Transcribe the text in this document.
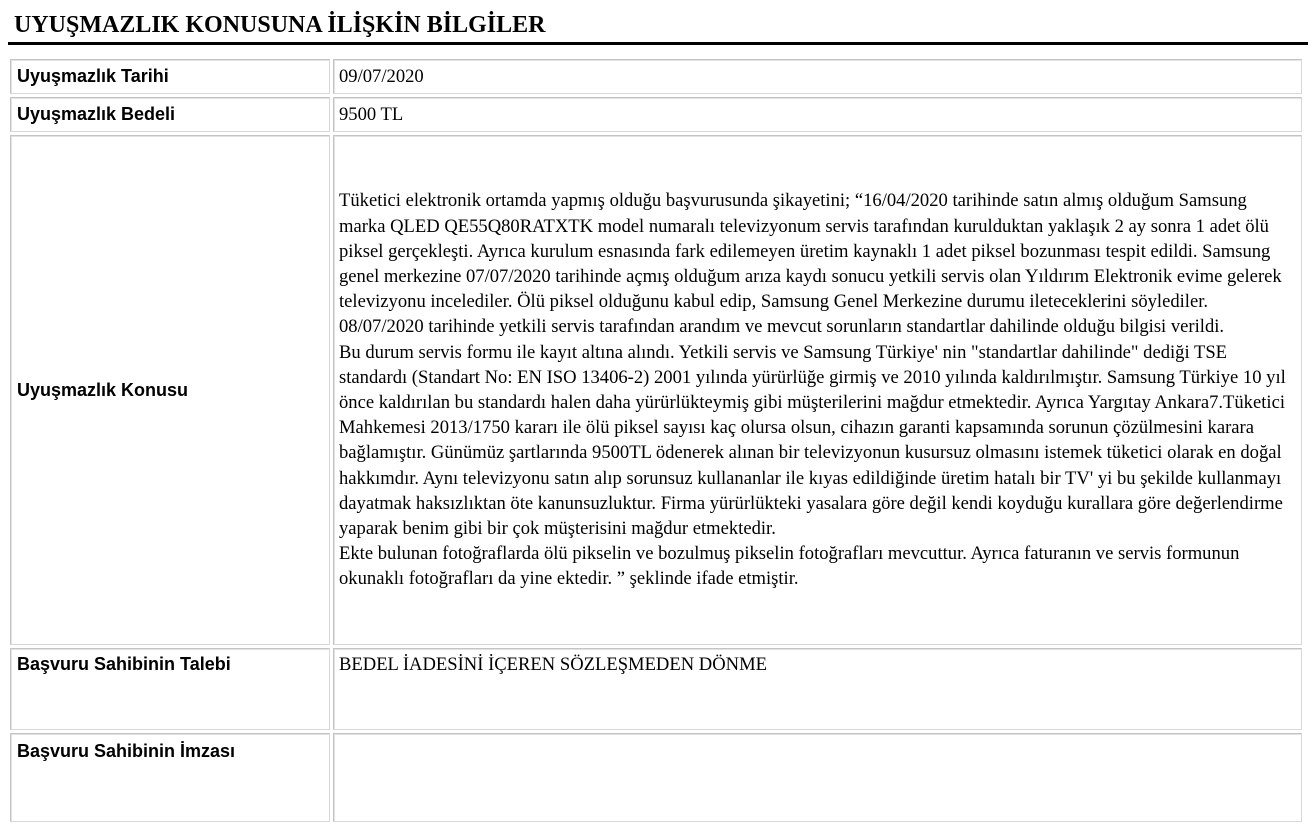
UYUŞMAZLIK KONUSUNA İLİŞKİN BİLGİLER
Uyuşmazlık Tarihi	09/07/2020
Uyuşmazlık Bedeli	9500 TL
Uyuşmazlık Konusu	Tüketici elektronik ortamda yapmış olduğu başvurusunda şikayetini; “16/04/2020 tarihinde satın almış olduğum Samsung marka QLED QE55Q80RATXTK model numaralı televizyonum servis tarafından kurulduktan yaklaşık 2 ay sonra 1 adet ölü piksel gerçekleşti. Ayrıca kurulum esnasında fark edilemeyen üretim kaynaklı 1 adet piksel bozunması tespit edildi. Samsung genel merkezine 07/07/2020 tarihinde açmış olduğum arıza kaydı sonucu yetkili servis olan Yıldırım Elektronik evime gelerek televizyonu incelediler. Ölü piksel olduğunu kabul edip, Samsung Genel Merkezine durumu ileteceklerini söylediler. 08/07/2020 tarihinde yetkili servis tarafından arandım ve mevcut sorunların standartlar dahilinde olduğu bilgisi verildi.

Bu durum servis formu ile kayıt altına alındı. Yetkili servis ve Samsung Türkiye' nin "standartlar dahilinde" dediği TSE standardı (Standart No: EN ISO 13406-2) 2001 yılında yürürlüğe girmiş ve 2010 yılında kaldırılmıştır. Samsung Türkiye 10 yıl önce kaldırılan bu standardı halen daha yürürlükteymiş gibi müşterilerini mağdur etmektedir. Ayrıca Yargıtay Ankara7.Tüketici Mahkemesi 2013/1750 kararı ile ölü piksel sayısı kaç olursa olsun, cihazın garanti kapsamında sorunun çözülmesini karara bağlamıştır. Günümüz şartlarında 9500TL ödenerek alınan bir televizyonun kusursuz olmasını istemek tüketici olarak en doğal hakkımdır. Aynı televizyonu satın alıp sorunsuz kullananlar ile kıyas edildiğinde üretim hatalı bir TV' yi bu şekilde kullanmayı dayatmak haksızlıktan öte kanunsuzluktur. Firma yürürlükteki yasalara göre değil kendi koyduğu kurallara göre değerlendirme yaparak benim gibi bir çok müşterisini mağdur etmektedir.

Ekte bulunan fotoğraflarda ölü pikselin ve bozulmuş pikselin fotoğrafları mevcuttur. Ayrıca faturanın ve servis formunun okunaklı fotoğrafları da yine ektedir. ” şeklinde ifade etmiştir.

Başvuru Sahibinin Talebi	BEDEL İADESİNİ İÇEREN SÖZLEŞMEDEN DÖNME
Başvuru Sahibinin İmzası	
